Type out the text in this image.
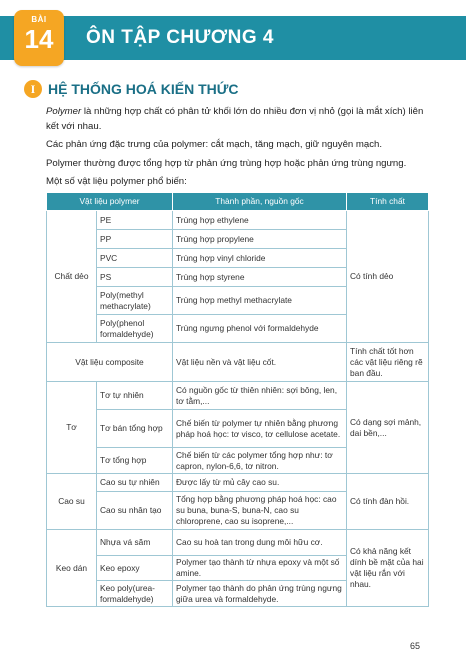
BÀI
14	ÔN TẬP CHƯƠNG 4
I HỆ THỐNG HOÁ KIẾN THỨC
Polymer là những hợp chất có phân tử khối lớn do nhiều đơn vị nhỏ (gọi là mắt xích) liên kết với nhau.
Các phản ứng đặc trưng của polymer: cắt mạch, tăng mạch, giữ nguyên mạch.
Polymer thường được tổng hợp từ phản ứng trùng hợp hoặc phản ứng trùng ngưng.
Một số vật liệu polymer phổ biến:
Vật liệu polymer		Thành phần, nguồn gốc	Tính chất
Chất dẻo	PE	Trùng hợp ethylene	Có tính dẻo
	PP	Trùng hợp propylene	
	PVC	Trùng hợp vinyl chloride	
	PS	Trùng hợp styrene	
	Poly(methyl methacrylate)	Trùng hợp methyl methacrylate	
	Poly(phenol formaldehyde)	Trùng ngưng phenol với formaldehyde	
Vật liệu composite		Vật liệu nền và vật liệu cốt.	Tính chất tốt hơn các vật liệu riêng rẽ ban đầu.
Tơ	Tơ tự nhiên	Có nguồn gốc từ thiên nhiên: sợi bông, len, tơ tằm,...	Có dạng sợi mảnh, dai bền,...
	Tơ bán tổng hợp	Chế biến từ polymer tự nhiên bằng phương pháp hoá học: tơ visco, tơ cellulose acetate.	
	Tơ tổng hợp	Chế biến từ các polymer tổng hợp như: tơ capron, nylon-6,6, tơ nitron.	
Cao su	Cao su tự nhiên	Được lấy từ mủ cây cao su.	Có tính đàn hồi.
	Cao su nhân tạo	Tổng hợp bằng phương pháp hoá học: cao su buna, buna-S, buna-N, cao su chloroprene, cao su isoprene,...	
Keo dán	Nhựa vá săm	Cao su hoà tan trong dung môi hữu cơ.	Có khả năng kết dính bề mặt của hai vật liệu rắn với nhau.
	Keo epoxy	Polymer tạo thành từ nhựa epoxy và một số amine.	
	Keo poly(urea-formaldehyde)	Polymer tạo thành do phản ứng trùng ngưng giữa urea và formaldehyde.	
65
